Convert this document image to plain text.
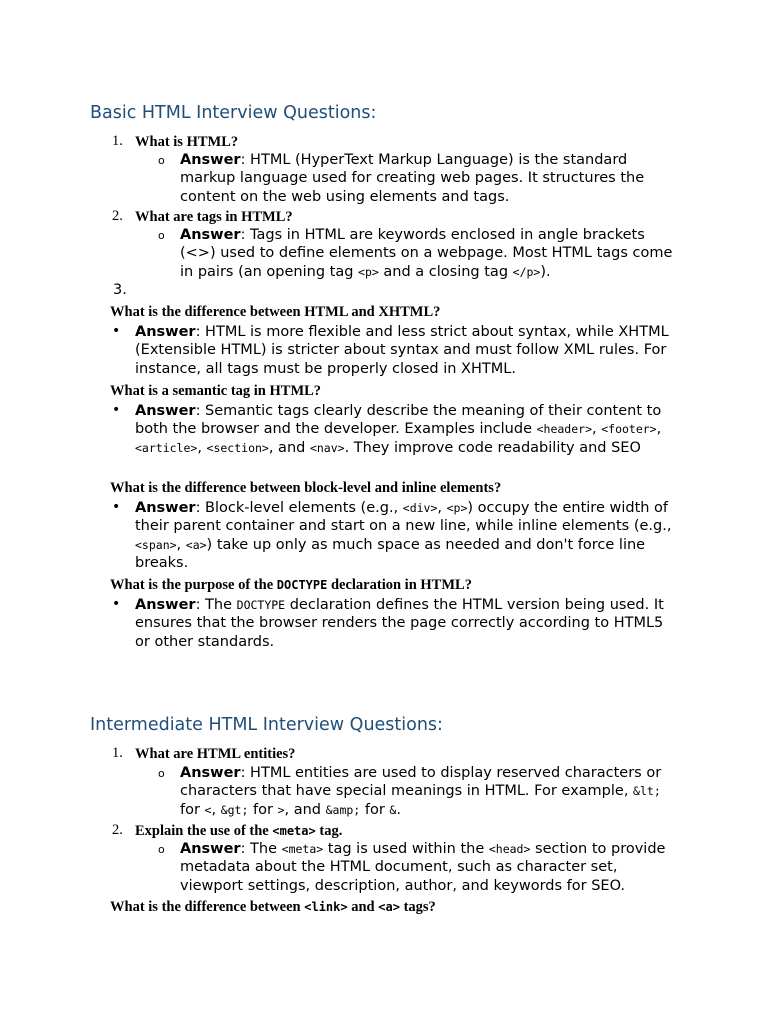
Basic HTML Interview Questions:
1. What is HTML?

o Answer: HTML (HyperText Markup Language) is the standard markup language used for creating web pages. It structures the content on the web using elements and tags.

2. What are tags in HTML?

o Answer: Tags in HTML are keywords enclosed in angle brackets (<>) used to define elements on a webpage. Most HTML tags come in pairs (an opening tag <p> and a closing tag </p>).

3.

What is the difference between HTML and XHTML?

• Answer: HTML is more flexible and less strict about syntax, while XHTML (Extensible HTML) is stricter about syntax and must follow XML rules. For instance, all tags must be properly closed in XHTML.

What is a semantic tag in HTML?

• Answer: Semantic tags clearly describe the meaning of their content to both the browser and the developer. Examples include <header>, <footer>, <article>, <section>, and <nav>. They improve code readability and SEO

What is the difference between block-level and inline elements?

• Answer: Block-level elements (e.g., <div>, <p>) occupy the entire width of their parent container and start on a new line, while inline elements (e.g., <span>, <a>) take up only as much space as needed and don't force line breaks.

What is the purpose of the DOCTYPE declaration in HTML?

• Answer: The DOCTYPE declaration defines the HTML version being used. It ensures that the browser renders the page correctly according to HTML5 or other standards.

Intermediate HTML Interview Questions:
1. What are HTML entities?

o Answer: HTML entities are used to display reserved characters or characters that have special meanings in HTML. For example, &lt; for <, &gt; for >, and &amp; for &.

2. Explain the use of the <meta> tag.

o Answer: The <meta> tag is used within the <head> section to provide metadata about the HTML document, such as character set, viewport settings, description, author, and keywords for SEO.

What is the difference between <link> and <a> tags?
